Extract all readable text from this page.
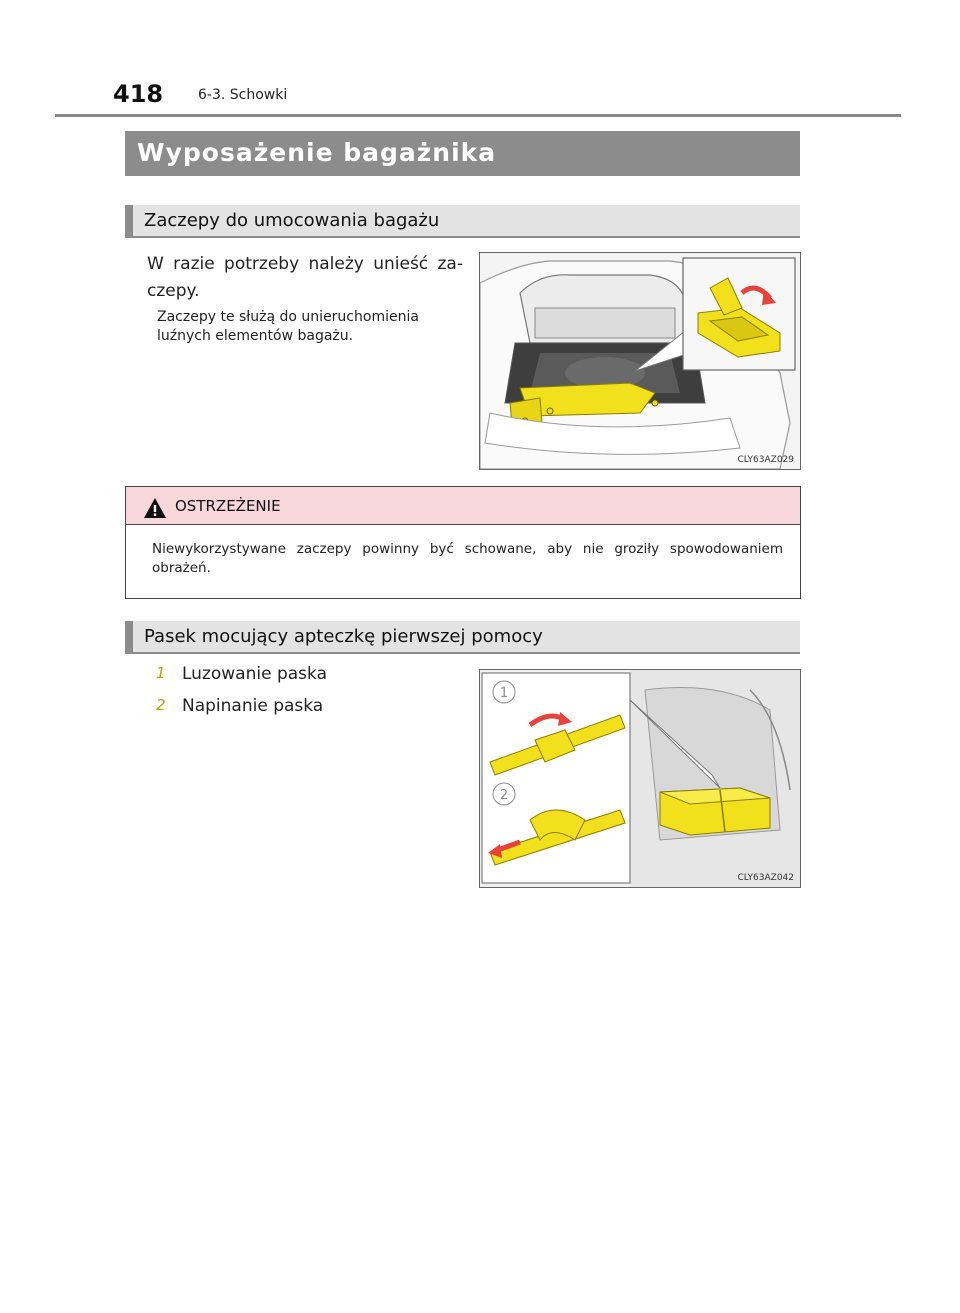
418 6-3. Schowki
Wyposażenie bagażnika
Zaczepy do umocowania bagażu
W razie potrzeby należy unieść za-
czepy.
Zaczepy te służą do unieruchomienia
luźnych elementów bagażu.
CLY63AZ029
OSTRZEŻENIE
Niewykorzystywane zaczepy powinny być schowane, aby nie groziły spowodowaniem obrażeń.
Pasek mocujący apteczkę pierwszej pomocy
1 Luzowanie paska
2 Napinanie paska
1
2
CLY63AZ042
